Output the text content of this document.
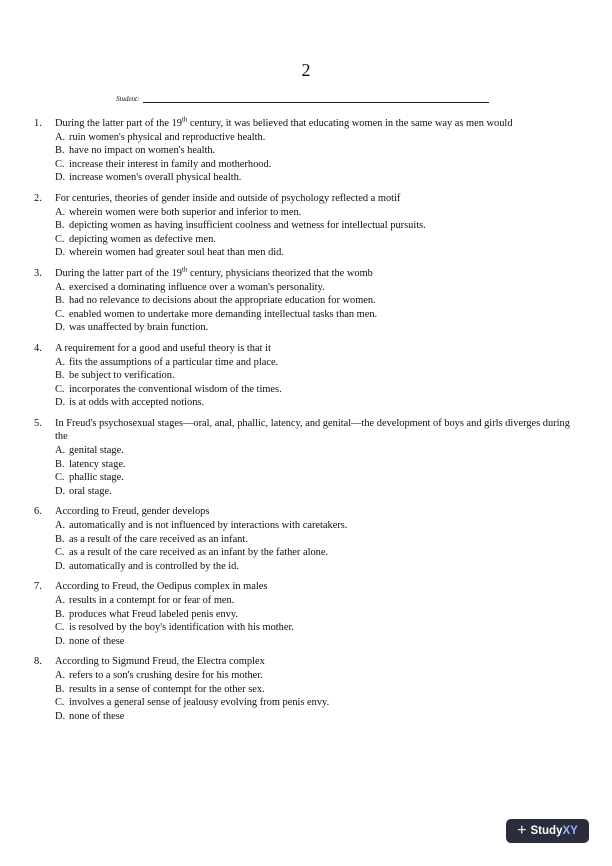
2
Student:
1.	During the latter part of the 19th century, it was believed that educating women in the same way as men would
A. ruin women's physical and reproductive health.
B. have no impact on women's health.
C. increase their interest in family and motherhood.
D. increase women's overall physical health.
2.	For centuries, theories of gender inside and outside of psychology reflected a motif
A. wherein women were both superior and inferior to men.
B. depicting women as having insufficient coolness and wetness for intellectual pursuits.
C. depicting women as defective men.
D. wherein women had greater soul heat than men did.
3.	During the latter part of the 19th century, physicians theorized that the womb
A. exercised a dominating influence over a woman's personality.
B. had no relevance to decisions about the appropriate education for women.
C. enabled women to undertake more demanding intellectual tasks than men.
D. was unaffected by brain function.
4.	A requirement for a good and useful theory is that it
A. fits the assumptions of a particular time and place.
B. be subject to verification.
C. incorporates the conventional wisdom of the times.
D. is at odds with accepted notions.
5.	In Freud's psychosexual stages—oral, anal, phallic, latency, and genital—the development of boys and girls diverges during the
A. genital stage.
B. latency stage.
C. phallic stage.
D. oral stage.
6.	According to Freud, gender develops
A. automatically and is not influenced by interactions with caretakers.
B. as a result of the care received as an infant.
C. as a result of the care received as an infant by the father alone.
D. automatically and is controlled by the id.
7.	According to Freud, the Oedipus complex in males
A. results in a contempt for or fear of men.
B. produces what Freud labeled penis envy.
C. is resolved by the boy's identification with his mother.
D. none of these
8.	According to Sigmund Freud, the Electra complex
A. refers to a son's crushing desire for his mother.
B. results in a sense of contempt for the other sex.
C. involves a general sense of jealousy evolving from penis envy.
D. none of these
+ Study XY
